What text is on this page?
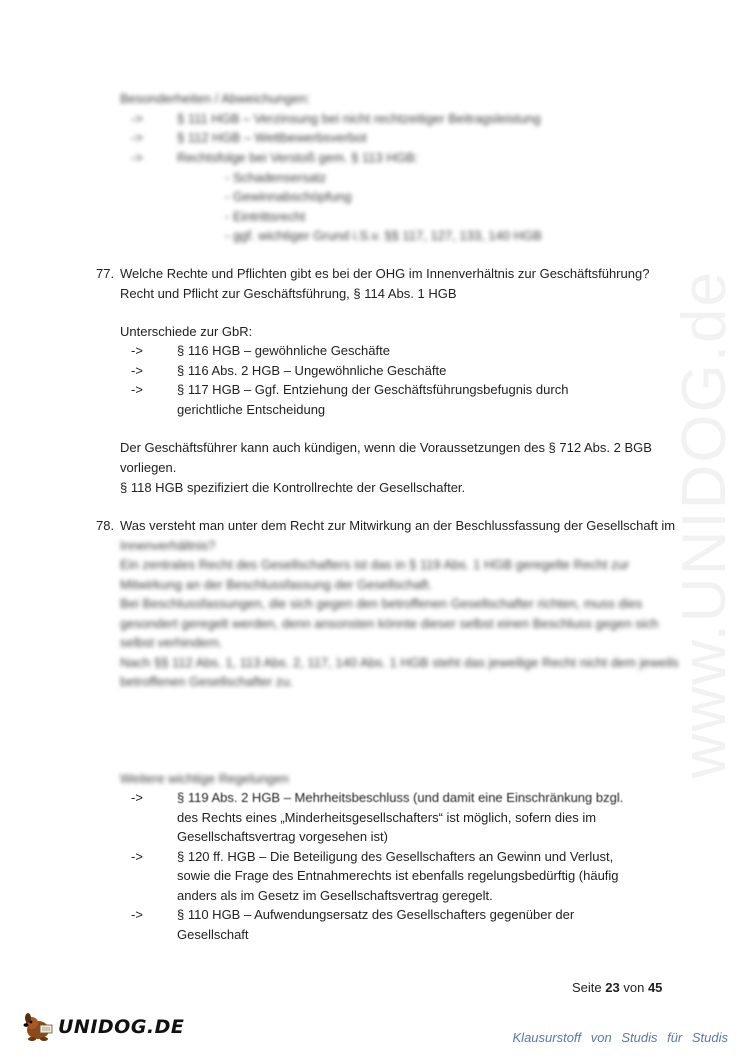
www.UNIDOG.de
Besonderheiten / Abweichungen:
->	§ 111 HGB – Verzinsung bei nicht rechtzeitiger Beitragsleistung
->	§ 112 HGB – Wettbewerbsverbot
->	Rechtsfolge bei Verstoß gem. § 113 HGB:
- Schadensersatz
- Gewinnabschöpfung
- Eintrittsrecht
- ggf. wichtiger Grund i.S.v. §§ 117, 127, 133, 140 HGB
77. Welche Rechte und Pflichten gibt es bei der OHG im Innenverhältnis zur Geschäftsführung?
Recht und Pflicht zur Geschäftsführung, § 114 Abs. 1 HGB
Unterschiede zur GbR:
->	§ 116 HGB – gewöhnliche Geschäfte
->	§ 116 Abs. 2 HGB – Ungewöhnliche Geschäfte
->	§ 117 HGB – Ggf. Entziehung der Geschäftsführungsbefugnis durch
gerichtliche Entscheidung
Der Geschäftsführer kann auch kündigen, wenn die Voraussetzungen des § 712 Abs. 2 BGB
vorliegen.
§ 118 HGB spezifiziert die Kontrollrechte der Gesellschafter.
78. Was versteht man unter dem Recht zur Mitwirkung an der Beschlussfassung der Gesellschaft im
Innenverhältnis?
Ein zentrales Recht des Gesellschafters ist das in § 119 Abs. 1 HGB geregelte Recht zur
Mitwirkung an der Beschlussfassung der Gesellschaft.
Bei Beschlussfassungen, die sich gegen den betroffenen Gesellschafter richten, muss dies
gesondert geregelt werden, denn ansonsten könnte dieser selbst einen Beschluss gegen sich
selbst verhindern.
Nach §§ 112 Abs. 1, 113 Abs. 2, 117, 140 Abs. 1 HGB steht das jeweilige Recht nicht dem jeweils
betroffenen Gesellschafter zu.
Weitere wichtige Regelungen
->	§ 119 Abs. 2 HGB – Mehrheitsbeschluss (und damit eine Einschränkung bzgl.
des Rechts eines „Minderheitsgesellschafters“ ist möglich, sofern dies im
Gesellschaftsvertrag vorgesehen ist)
->	§ 120 ff. HGB – Die Beteiligung des Gesellschafters an Gewinn und Verlust,
sowie die Frage des Entnahmerechts ist ebenfalls regelungsbedürftig (häufig
anders als im Gesetz im Gesellschaftsvertrag geregelt.
->	§ 110 HGB – Aufwendungsersatz des Gesellschafters gegenüber der
Gesellschaft
Seite 23 von 45
UNIDOG.DE	Klausurstoff von Studis für Studis
